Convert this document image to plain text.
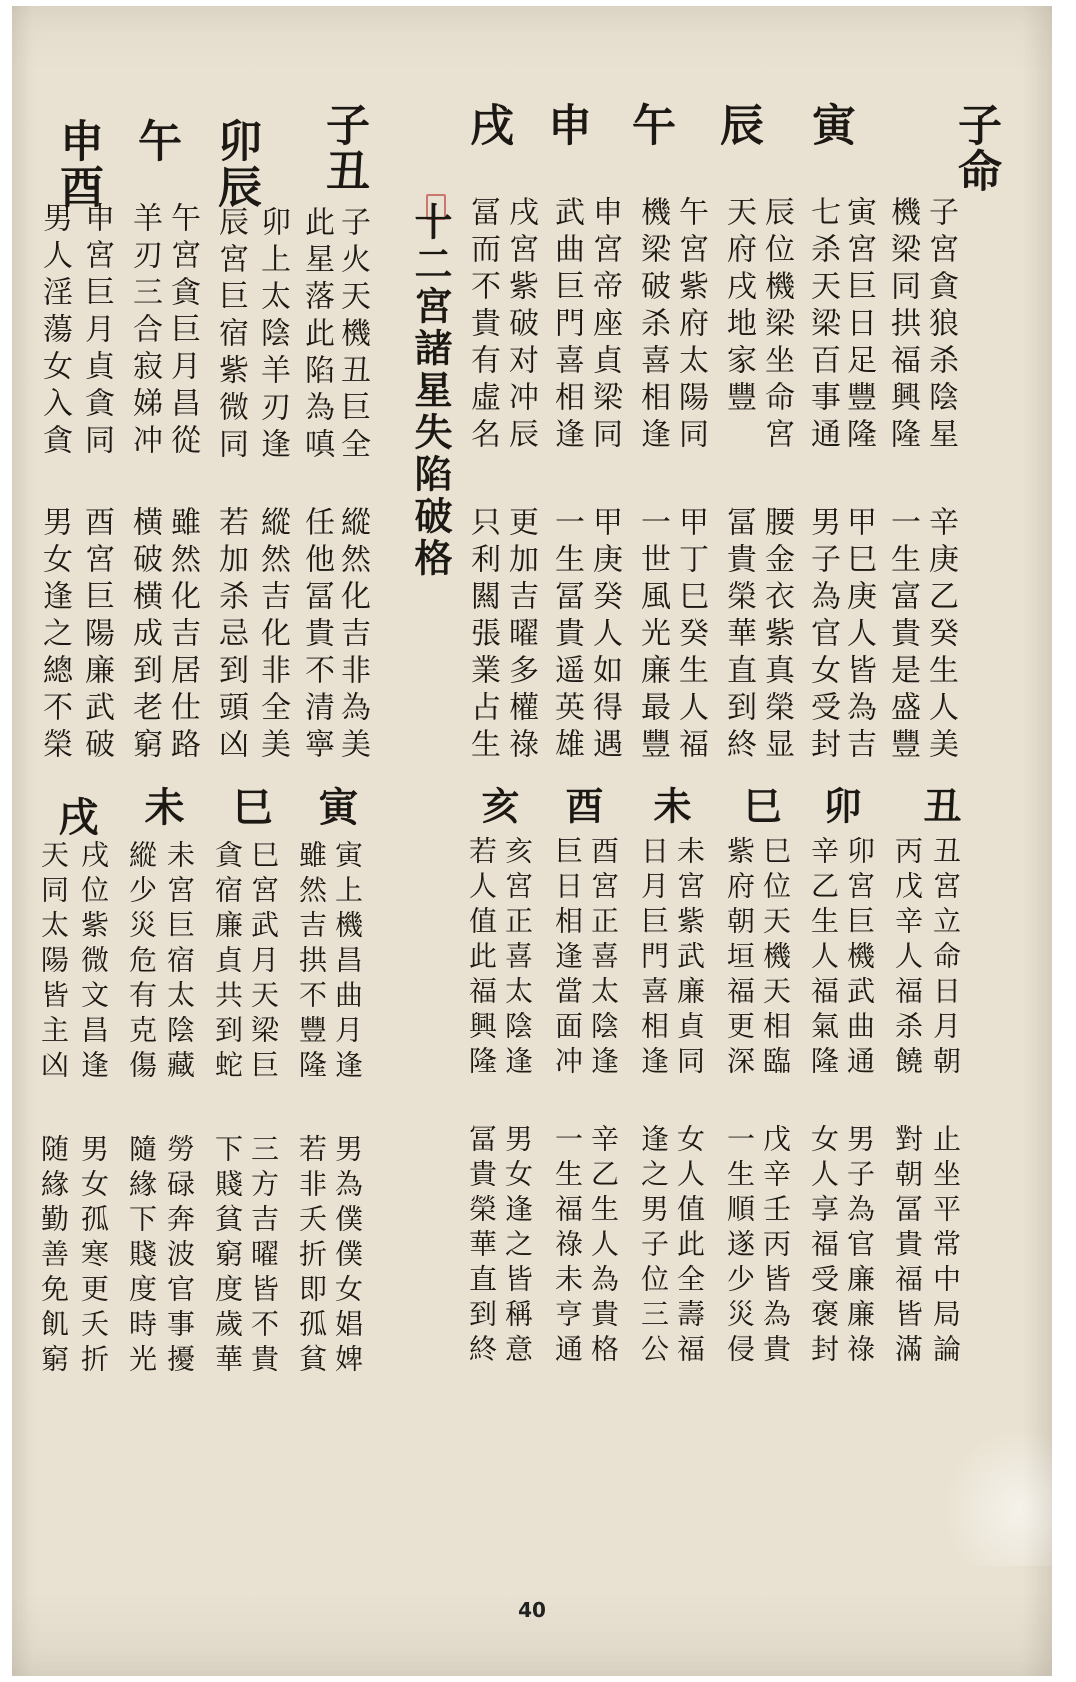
子命
寅
辰
午
申
戌
子宮貪狼杀陰星
機梁同拱福興隆
寅宮巨日足豐隆
七杀天梁百事通
辰位機梁坐命宮
天府戌地家豐
午宮紫府太陽同
機梁破杀喜相逢
申宮帝座貞梁同
武曲巨門喜相逢
戌宮紫破对冲辰
冨而不貴有虛名
辛庚乙癸生人美
一生富貴是盛豐
甲巳庚人皆為吉
男子為官女受封
腰金衣紫真榮显
冨貴榮華直到終
甲丁巳癸生人福
一世風光廉最豐
甲庚癸人如得遇
一生冨貴遥英雄
更加吉曜多權祿
只利闗張業占生
十二宮諸星失陷破格
子丑
卯辰
午
申酉
子火天機丑巨全
此星落此陷為嗔
卯上太陰羊刃逢
辰宮巨宿紫微同
午宮貪巨月昌從
羊刃三合寂娣冲
申宮巨月貞貪同
男人淫蕩女入貪
縱然化吉非為美
任他冨貴不清寧
縱然吉化非全美
若加杀忌到頭凶
雖然化吉居仕路
横破横成到老窮
酉宮巨陽廉武破
男女逢之總不榮
丑
卯
巳
未
酉
亥
丑宮立命日月朝
丙戊辛人福杀饒
卯宮巨機武曲通
辛乙生人福氣隆
巳位天機天相臨
紫府朝垣福更深
未宮紫武廉貞同
日月巨門喜相逢
酉宮正喜太陰逢
巨日相逢當面冲
亥宮正喜太陰逢
若人值此福興隆
止坐平常中局論
對朝冨貴福皆滿
男子為官廉廉祿
女人享福受褒封
戊辛壬丙皆為貴
一生順遂少災侵
女人值此全壽福
逢之男子位三公
辛乙生人為貴格
一生福祿未亨通
男女逢之皆稱意
冨貴榮華直到終
寅
巳
未
戌
寅上機昌曲月逢
雖然吉拱不豐隆
巳宮武月天梁巨
貪宿廉貞共到蛇
未宮巨宿太陰藏
縱少災危有克傷
戌位紫微文昌逢
天同太陽皆主凶
男為僕僕女娼婢
若非夭折即孤貧
三方吉曜皆不貴
下賤貧窮度歲華
勞碌奔波官事擾
隨緣下賤度時光
男女孤寒更夭折
随緣勤善免飢窮
40
